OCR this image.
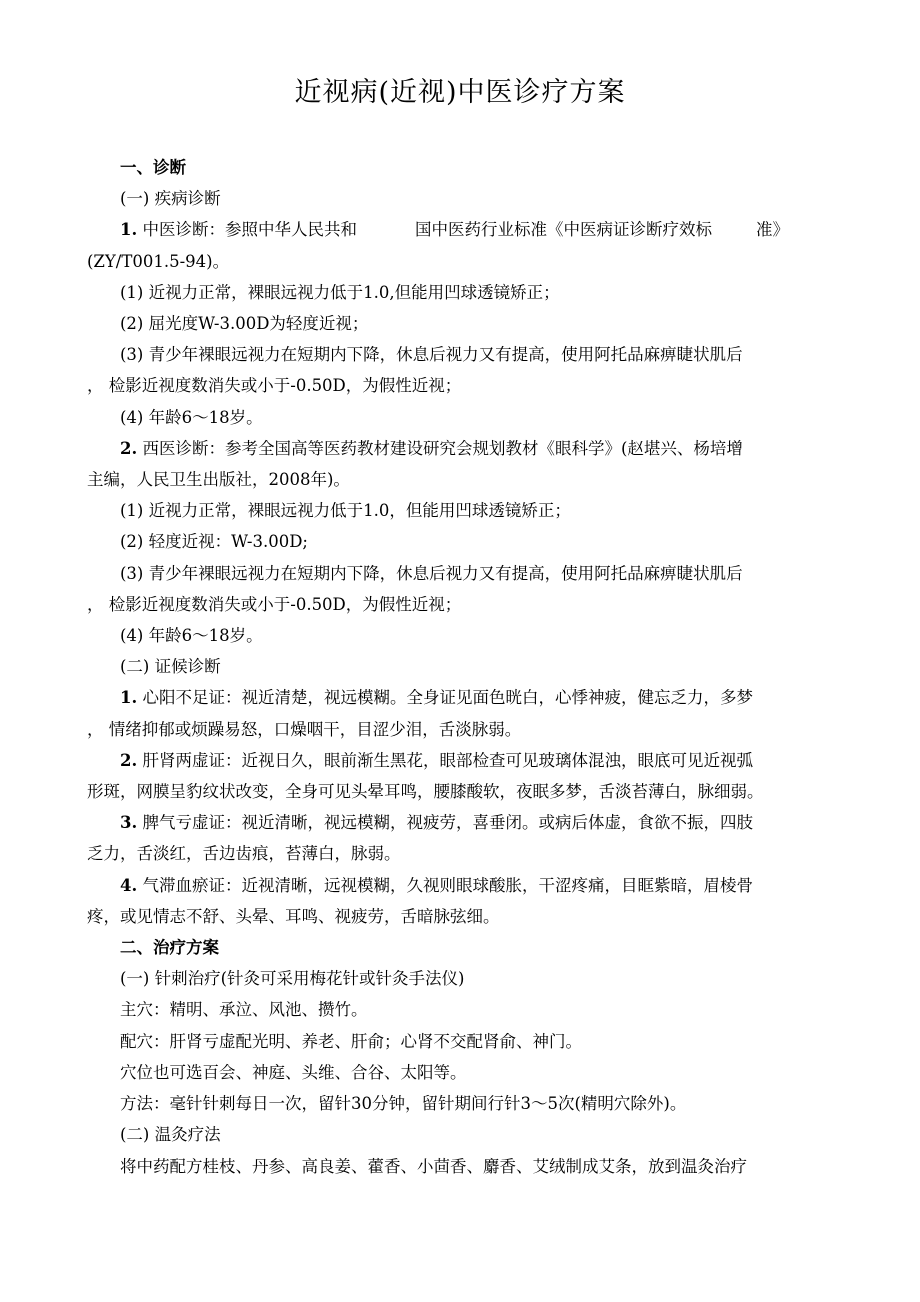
近视病(近视)中医诊疗方案

一、诊断

(一) 疾病诊断

1. 中医诊断：参照中华人民共和	国中医药行业标准《中医病证诊断疗效标	准》

(ZY/T001.5-94)。

(1) 近视力正常，裸眼远视力低于1.0,但能用凹球透镜矫正；

(2) 屈光度W-3.00D为轻度近视；

(3) 青少年裸眼远视力在短期内下降，休息后视力又有提高，使用阿托品麻痹睫状肌后

， 检影近视度数消失或小于-0.50D，为假性近视；

(4) 年龄6～18岁。

2. 西医诊断：参考全国高等医药教材建设研究会规划教材《眼科学》(赵堪兴、杨培增

主编，人民卫生出版社，2008年)。

(1) 近视力正常，裸眼远视力低于1.0，但能用凹球透镜矫正；

(2) 轻度近视：W-3.00D;

(3) 青少年裸眼远视力在短期内下降，休息后视力又有提高，使用阿托品麻痹睫状肌后

， 检影近视度数消失或小于-0.50D，为假性近视；

(4) 年龄6～18岁。

(二) 证候诊断

1. 心阳不足证：视近清楚，视远模糊。全身证见面色晄白，心悸神疲，健忘乏力，多梦

， 情绪抑郁或烦躁易怒，口燥咽干，目涩少泪，舌淡脉弱。

2. 肝肾两虚证：近视日久，眼前渐生黑花，眼部检查可见玻璃体混浊，眼底可见近视弧

形斑，网膜呈豹纹状改变，全身可见头晕耳鸣，腰膝酸软，夜眠多梦，舌淡苔薄白，脉细弱。

3. 脾气亏虚证：视近清晰，视远模糊，视疲劳，喜垂闭。或病后体虚，食欲不振，四肢

乏力，舌淡红，舌边齿痕，苔薄白，脉弱。

4. 气滞血瘀证：近视清晰，远视模糊，久视则眼球酸胀，干涩疼痛，目眶紫暗，眉棱骨

疼，或见情志不舒、头晕、耳鸣、视疲劳，舌暗脉弦细。

二、治疗方案

(一) 针刺治疗(针灸可采用梅花针或针灸手法仪)

主穴：精明、承泣、风池、攒竹。

配穴：肝肾亏虚配光明、养老、肝俞；心肾不交配肾俞、神门。

穴位也可选百会、神庭、头维、合谷、太阳等。

方法：毫针针刺每日一次，留针30分钟，留针期间行针3～5次(精明穴除外)。

(二) 温灸疗法

将中药配方桂枝、丹参、高良姜、藿香、小茴香、麝香、艾绒制成艾条，放到温灸治疗
